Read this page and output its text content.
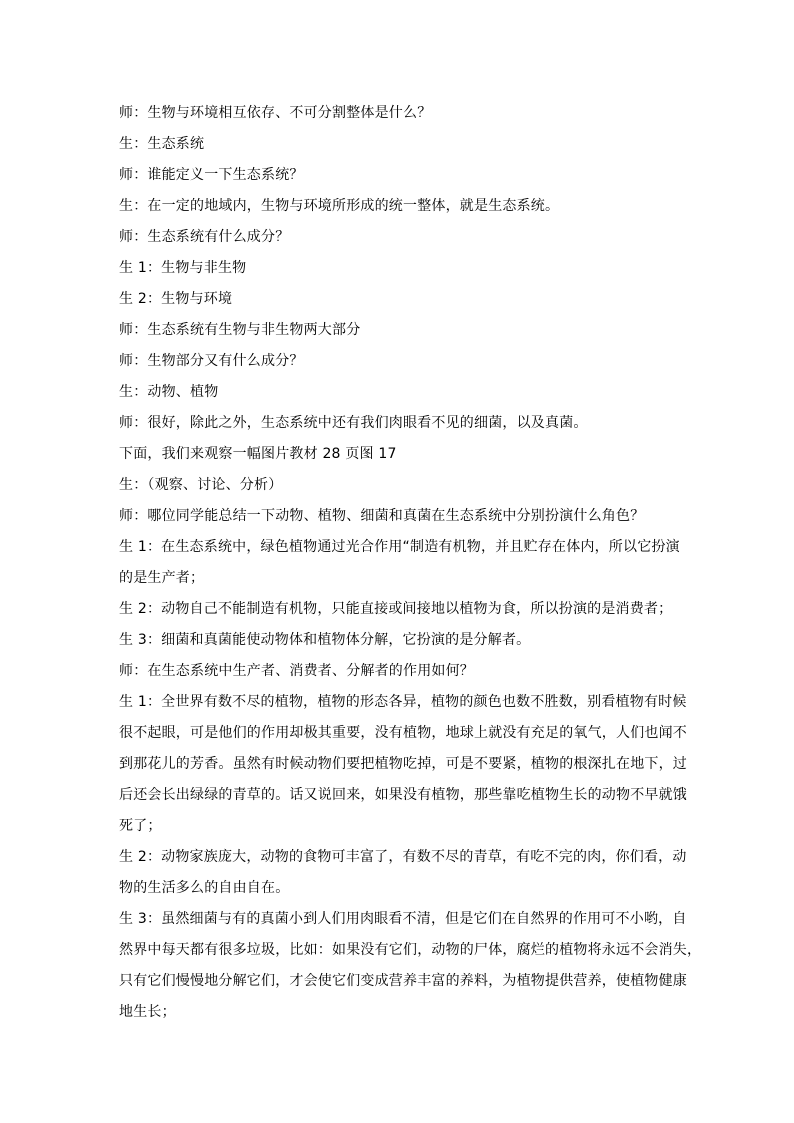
师：生物与环境相互依存、不可分割整体是什么？

生：生态系统

师：谁能定义一下生态系统？

生：在一定的地域内，生物与环境所形成的统一整体，就是生态系统。

师：生态系统有什么成分？

生 1：生物与非生物

生 2：生物与环境

师：生态系统有生物与非生物两大部分

师：生物部分又有什么成分？

生：动物、植物

师：很好，除此之外，生态系统中还有我们肉眼看不见的细菌，以及真菌。

下面，我们来观察一幅图片教材 28 页图 17

生：（观察、讨论、分析）

师：哪位同学能总结一下动物、植物、细菌和真菌在生态系统中分别扮演什么角色？

生 1：在生态系统中，绿色植物通过光合作用“制造有机物，并且贮存在体内，所以它扮演
的是生产者；

生 2：动物自己不能制造有机物，只能直接或间接地以植物为食，所以扮演的是消费者；

生 3：细菌和真菌能使动物体和植物体分解，它扮演的是分解者。

师：在生态系统中生产者、消费者、分解者的作用如何？

生 1：全世界有数不尽的植物，植物的形态各异，植物的颜色也数不胜数，别看植物有时候
很不起眼，可是他们的作用却极其重要，没有植物，地球上就没有充足的氧气，人们也闻不
到那花儿的芳香。虽然有时候动物们要把植物吃掉，可是不要紧，植物的根深扎在地下，过
后还会长出绿绿的青草的。话又说回来，如果没有植物，那些靠吃植物生长的动物不早就饿
死了；
生 2：动物家族庞大，动物的食物可丰富了，有数不尽的青草，有吃不完的肉，你们看，动
物的生活多么的自由自在。
生 3：虽然细菌与有的真菌小到人们用肉眼看不清，但是它们在自然界的作用可不小哟，自
然界中每天都有很多垃圾，比如：如果没有它们，动物的尸体，腐烂的植物将永远不会消失，
只有它们慢慢地分解它们，才会使它们变成营养丰富的养料，为植物提供营养，使植物健康
地生长；
